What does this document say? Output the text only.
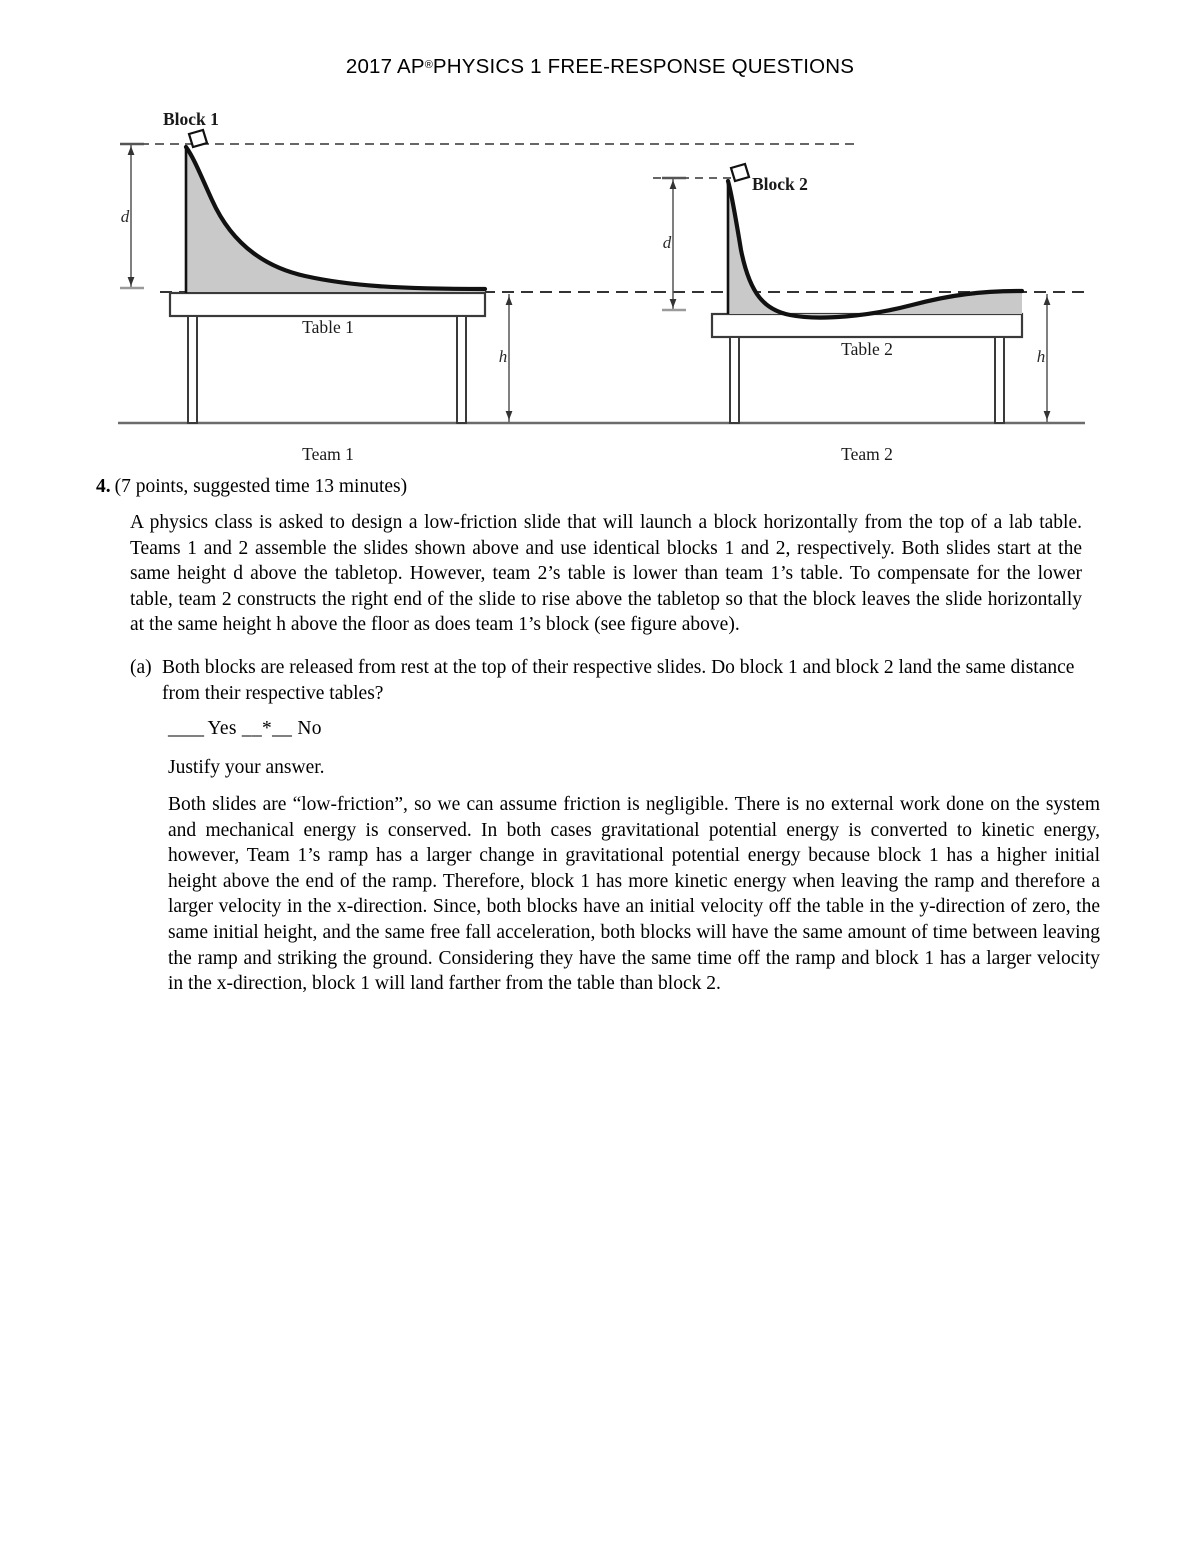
2017 AP®PHYSICS 1 FREE-RESPONSE QUESTIONS
d
h
Block 1
Table 1
Team 1
d
h
Block 2
Table 2
Team 2
4. (7 points, suggested time 13 minutes)
A physics class is asked to design a low-friction slide that will launch a block horizontally from the top of a lab table. Teams 1 and 2 assemble the slides shown above and use identical blocks 1 and 2, respectively. Both slides start at the same height d above the tabletop. However, team 2’s table is lower than team 1’s table. To compensate for the lower table, team 2 constructs the right end of the slide to rise above the tabletop so that the block leaves the slide horizontally at the same height h above the floor as does team 1’s block (see figure above).
(a) Both blocks are released from rest at the top of their respective slides. Do block 1 and block 2 land the same distance from their respective tables?
____ Yes __*__ No
Justify your answer.
Both slides are “low-friction”, so we can assume friction is negligible. There is no external work done on the system and mechanical energy is conserved. In both cases gravitational potential energy is converted to kinetic energy, however, Team 1’s ramp has a larger change in gravitational potential energy because block 1 has a higher initial height above the end of the ramp. Therefore, block 1 has more kinetic energy when leaving the ramp and therefore a larger velocity in the x-direction. Since, both blocks have an initial velocity off the table in the y-direction of zero, the same initial height, and the same free fall acceleration, both blocks will have the same amount of time between leaving the ramp and striking the ground. Considering they have the same time off the ramp and block 1 has a larger velocity in the x-direction, block 1 will land farther from the table than block 2.
